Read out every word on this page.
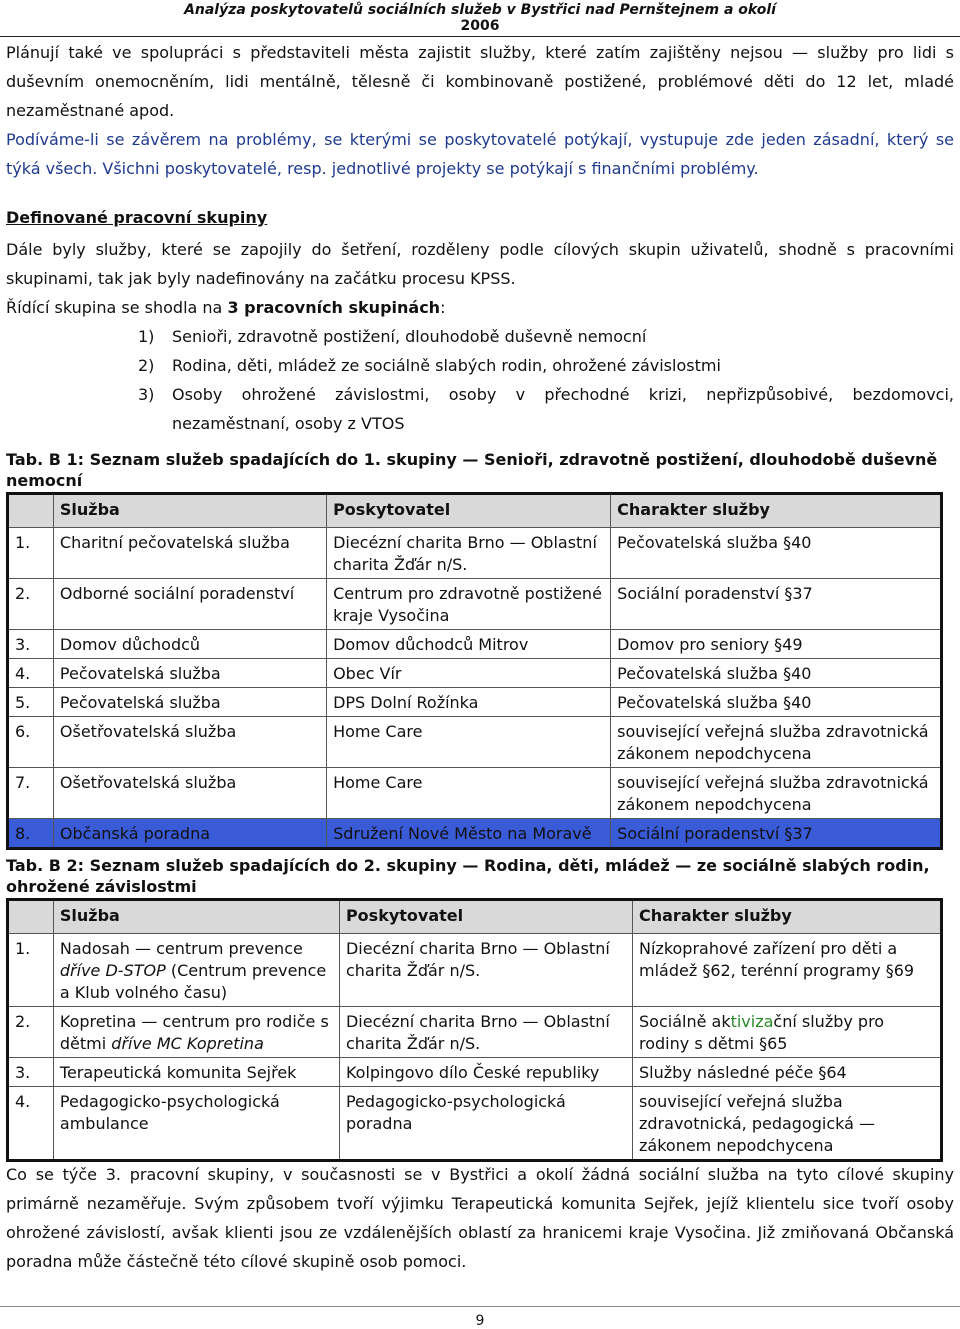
Analýza poskytovatelů sociálních služeb v Bystřici nad Pernštejnem a okolí
2006

Plánují také ve spolupráci s představiteli města zajistit služby, které zatím zajištěny nejsou — služby pro lidi s duševním onemocněním, lidi mentálně, tělesně či kombinovaně postižené, problémové děti do 12 let, mladé nezaměstnané apod.

Podíváme-li se závěrem na problémy, se kterými se poskytovatelé potýkají, vystupuje zde jeden zásadní, který se týká všech. Všichni poskytovatelé, resp. jednotlivé projekty se potýkají s finančními problémy.

Definované pracovní skupiny

Dále byly služby, které se zapojily do šetření, rozděleny podle cílových skupin uživatelů, shodně s pracovními skupinami, tak jak byly nadefinovány na začátku procesu KPSS.

Řídící skupina se shodla na 3 pracovních skupinách:

1)	Senioři, zdravotně postižení, dlouhodobě duševně nemocní
2)	Rodina, děti, mládež ze sociálně slabých rodin, ohrožené závislostmi
3)	Osoby ohrožené závislostmi, osoby v přechodné krizi, nepřizpůsobivé, bezdomovci,
nezaměstnaní, osoby z VTOS
Tab. B 1: Seznam služeb spadajících do 1. skupiny — Senioři, zdravotně postižení, dlouhodobě duševně nemocní
	Služba	Poskytovatel	Charakter služby
1.	Charitní pečovatelská služba	Diecézní charita Brno — Oblastní charita Žďár n/S.	Pečovatelská služba §40
2.	Odborné sociální poradenství	Centrum pro zdravotně postižené kraje Vysočina	Sociální poradenství §37
3.	Domov důchodců	Domov důchodců Mitrov	Domov pro seniory §49
4.	Pečovatelská služba	Obec Vír	Pečovatelská služba §40
5.	Pečovatelská služba	DPS Dolní Rožínka	Pečovatelská služba §40
6.	Ošetřovatelská služba	Home Care	související veřejná služba zdravotnická zákonem nepodchycena
7.	Ošetřovatelská služba	Home Care	související veřejná služba zdravotnická zákonem nepodchycena
8.	Občanská poradna	Sdružení Nové Město na Moravě	Sociální poradenství §37
Tab. B 2: Seznam služeb spadajících do 2. skupiny — Rodina, děti, mládež — ze sociálně slabých rodin, ohrožené závislostmi
	Služba	Poskytovatel	Charakter služby
1.	Nadosah — centrum prevence dříve D-STOP (Centrum prevence a Klub volného času)	Diecézní charita Brno — Oblastní charita Žďár n/S.	Nízkoprahové zařízení pro děti a mládež §62, terénní programy §69
2.	Kopretina — centrum pro rodiče s dětmi dříve MC Kopretina	Diecézní charita Brno — Oblastní charita Žďár n/S.	Sociálně aktivizační služby pro rodiny s dětmi §65
3.	Terapeutická komunita Sejřek	Kolpingovo dílo České republiky	Služby následné péče §64
4.	Pedagogicko-psychologická ambulance	Pedagogicko-psychologická poradna	související veřejná služba zdravotnická, pedagogická — zákonem nepodchycena

Co se týče 3. pracovní skupiny, v současnosti se v Bystřici a okolí žádná sociální služba na tyto cílové skupiny primárně nezaměřuje. Svým způsobem tvoří výjimku Terapeutická komunita Sejřek, jejíž klientelu sice tvoří osoby ohrožené závislostí, avšak klienti jsou ze vzdálenějších oblastí za hranicemi kraje Vysočina. Již zmiňovaná Občanská poradna může částečně této cílové skupině osob pomoci.

9
